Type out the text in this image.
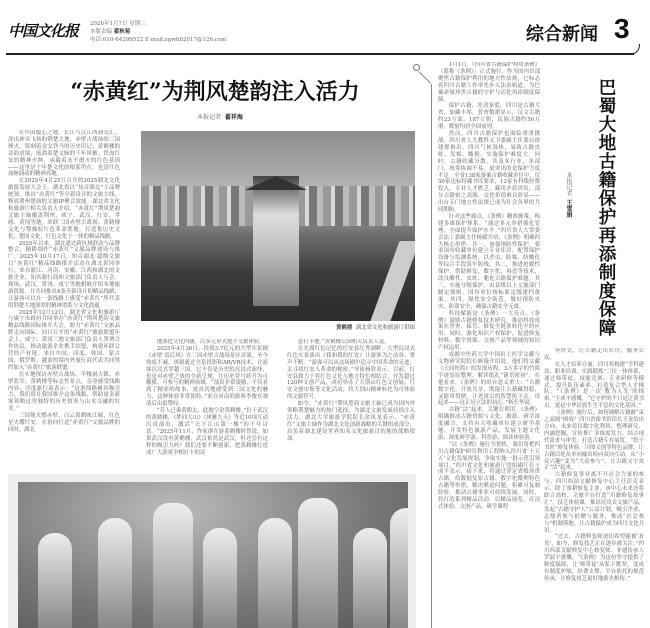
中国文化报 2026年1月7日 星期三
本版责编 翟秋菊
电话:010-64299522 E-mail:zgwhb2017@126.com	综合新闻 3
“赤黄红”为荆风楚韵注入活力
本报记者 翟祥海

在中国腹心之地，长江与汉江西涌交汇，浇出神采飞扬的荆楚大地。赤壁古战场的三国烽火，铭刻着金戈铁马的历史印记；黄鹤楼的诗韵意境，流淌着楚文脉的千年风雅；铁血红安的精神火种，承载着永不磨灭的红色基因——这里是千年楚文化的根系所在，也是红色血脉涌动的精神高地。

在2025年4月25日召开的2025湖北文化旅游发展大会上，湖北省以“知音湖北”主品牌统领，推出“赤黄红”等全新设计的文旅主线，释放荆州楚韵的文旅IP聚合效能。湖北省文化和旅游厅相关负责人介绍，“赤黄红”荆风楚韵文旅主轴覆盖荆州、咸宁、武汉、红安、孝感、黄冈等地，串联三国赤壁古战场、黄鹤楼文化与鄂豫皖红色革命胜地，打造集历史文化、楚国文化、红色文化于一体的精品线路。

2025年以来，湖北通过跨区域联动与品牌整合，精耕细作“赤黄红”文旅品牌建设与推广。2025年10月17日，知音湖北·超级文旅日“赤黄红”精品线路推介活动在湖北黄冈举行，来自浙江、河南、安徽、江西和湖北的文旅企业、知名旅行商和文旅部门负责人与会。现场，武汉、黄冈、咸宁等地相继介绍本地旅游资源，并共同推出4条全新设计的精品线路，让游客可以在一条线路上感受“赤黄红”所代表的荆楚大地深厚的精神谱系与文化底蕴。

2025年12月12日，湖北省文化和旅游厅与咸宁市政府共同举办“赤黄红”荆风楚韵文旅精品线路国际推介大会，助力“赤黄红”文旅品牌走向国际。同日召开的“赤黄红”旅游联盟年会上，咸宁、黄冈三地文旅部门负责人签署合作协议，推动旅游企业携手结盟，构建环联合营的产业链。来自中国、印度、韩国、蒙古国、俄罗斯、越南的境内外旅行商代表共同签约加入“赤黄红”旅游联盟。

在实地探访赤壁古战场、羊楼洞古镇、赤壁监军、黄鹤楼等标志性景点，亲身感受线路内容，印度旅行商表示：“这条线路极具吸引力，我们将在我国推介这条线路，帮助更多游客领略这里独特的历史叙事与山水交融的壮美。”

三国鼎火燃赤壁，白云黄鹤映江城，红色星火耀红安。在协同打造“赤黄红”文旅品牌的同时，湖北

黄鹤楼 湖北省文化和旅游厅供图

地深挖文化内涵，以多元形式提升文旅体验。

2025年4月26日，投资3.7亿元的大型实景剧《赤壁·雷后风》在三国赤壁古战场景区首演，至今热度不减。该剧通过全息投影和AR/VR技术，让游客沉浸式穿越三国。它不仅是历史的沉浸式演绎，也是对赤壁之战的全新呈现，让历史符号跃升为可触摸、可参与的精神场域。“演出非常震撼，不仅看到了精彩的故事，更真切地感受到三国文化的魅力，这种体验非常独特。”来自河南的游客李俊在观演后由衷赞叹。

“昔人已乘黄鹤去，此地空余黄鹤楼。”位于武汉的黄鹤楼，《梦回大山》《风雅九天》等近10项互动沉浸演出，激活“天下江山第一楼”的千年诗意。“2025年11月，作家群在游黄鹤楼时曾说，如果武汉没有黄鹤楼，武汉依然是武汉，但还会有这样的吸引力吗？我们还要不断创新，把黄鹤楼打造成广大游客争相打卡的诗

意打卡地。”黄鹤楼公园相关负责人说。

在光满红色记忆的红安县红秀湖畔，大型沉浸式红色实景演出《我和我的红安》让游客为之动容、掌声不断。“游客可以从这场剧中追寻中国革命的足迹，去寻找红安人革命的秘密。”导演杨欣表示。目前，红安县致力于将红色文化与地方特色相结合，开发超过120种文创产品，成功举办了大别山红色文创展、红安文创市集等文化活动，将大别山精神转化为可体验的文旅符号。

如今，“赤黄红”荆风楚韵文旅主轴已成为国内外领略荆楚魅力的热门选择，为湖北文旅发展持续注入活力。湖北大学旅游学院院长余凤龙表示，“赤黄红”文旅主轴作为湖北文化创新战略的关键组成部分，肩负着湖北建设世界知名文化旅游目的地的战略使命。

1月1日，《四川省古籍保护利用条例》（简称《条例》）正式施行。作为国内首部聚焦古籍保护利用的地方性法规，它标志着四川古籍工作率先步入法治轨道，为巴蜀斋量珍贵古籍的守护与活化再添制度保障。

保护古籍，先清家底。四川是古籍大省，加藏丰厚。普查数据显示，汉文古籍约23万部、187万册，民族古籍约50万册，数量均居全国前列。

然而，四川古籍保护也面临重重挑战。四川省人大教科文卫委副主任委员徐建群指出，四川气候湿热，易致古籍虫蛀、发霉、酸损，实施保护难度大。同时，古籍收藏分散，涉及多行业、多部门，统筹协调不易。更突出的是保护力度不足：全省138家备案古籍收藏单位中，仅50家达标特藏书库要求，12家有科级经费投入。专业人才匮乏，藏用矛盾突出，部分古籍密之高阁，文化价值难以彰显——出台专门地方性法规已成为社会各界的共同期盼。

针对这些痛点，《条例》精准施策，构建多维保护体系。“通过多元举措强化管理，全面提升保护水平。”四川省人大常委会法工委副主任杨媛介绍，《条例》明确四大核心举措：其一，加强预防性保护，要求国有收藏单位建立专业库房，配置保护设备与监测系统，以杀虫、防霉、防酸化等综合手段筑牢防线。其二，推进抢救性保护，借助修复、数字化、再造等技术，改良酸性、虫蛀、脆化古籍保护难题。其三，实施分级保护，由县级以上文旅部门制定细则，国有单位按标准定级建档备案。其四，强化安全防范，做好预防火灾、防盗安全，确保古籍安全无虞。

科技赋能是《条例》一大亮点。《条例》鼓励古籍修复技术研究，推动科技成果在普查、保管、修复全链条转化中的应用。同时，强化知识产权保护，促进修复材料、数字资源、文创产品等领域的知识产权运用。

成都中医药大学中国出土医学文献与文物研究院院长顾漫介绍说，他们将文献《天回医简》的发现历程，3万多字的竹简字迹复原整理，解读纸扎“谜语密码”。在他看来，《条例》的出台意义重大：“古籍数字化、开放共享，既能让古籍藏得稳，又能用得便，让老祖宗的智慧传下去、用起来——这正是立法的初心。”杨长华说。

古籍“活”起来，关键在利用。《条例》明确推动古籍资源与文化、旅游、研学深度融合，支持有关收藏单位建立研学基地，开发特色旅游产品，发展主题文化游、深度研学游、科普游、阅读体验游。

“以《条例》施行为契机，我们将把四川古籍保护研究利用工程纳入四川省‘十五五’文化发展规划，争取实施一批示范引领项目。”四川省文化和旅游厅党组副厅长王成平表示，接下来，将通过评定省级珍贵古籍，给数据复原古籍、数字化微利特色古籍等举措，解决紧迫问题，积累可复制经验，推动古籍事业可持续发展。同时，将打造系列精品活动，以精品展览、沉浸式体验、文创产品、研学课程

巴蜀大地古籍保护再添制度保障
本报记者  王雪娟

等形式，让古籍走出库房，服务公众。

在人才培养方面，四川将构建“学科建设、职业培训、实践锻炼”三位一体体系，通过师带徒、技能竞赛、专业研修等模式，提升队伍素养，打造复合型人才梯队。“《条例》是一次‘教为人先’的探索。”王成平感慨，“它守护的不只是泛黄书页，更是中华民族生生不息的文化基因。”

《条例》施行后，如何破解古籍被“束之高阁”困境？四川省图书馆馆长王龙给出方向，未来将以数字化利用、整理研究、内涵挖掘、宣传推广多维度发力，结合现代需求与审美，打造古籍专有展览，“纸于书匠”修复体验，川图文创等特色品牌，让古籍活化从单向输出转向双向互动，从“小众兴趣”变为“大众参与”，让古籍文字真正“活”起来。

古籍修复事业离不开社会力量的参与。四川西部文献修复中心主任彭克表示，除了深耕修复主业，该中心未来还将联合高校、文旅平台打造“川籍修复故事汇”，技艺体验课，推出沉浸式文旅产品，发起“古籍守护人”公益计划，吸引企业、志愿者参与捐赠与服务，推动“社会参与”机制落地，让古籍保护成为四川文化共识。

“过去，古籍修复师迫切希望能被‘看见’，如今，修复技艺正在逐步被关注。”四川西部文献修复中心修复师、非遗传承人罗淑平感慨，“《条例》为这份坚守提供了制度保障，让‘师带徒’从私下默契，变成有制度护航、经费支撑、平台依托的规范传承，让修复技艺更好地薪火相传。”
